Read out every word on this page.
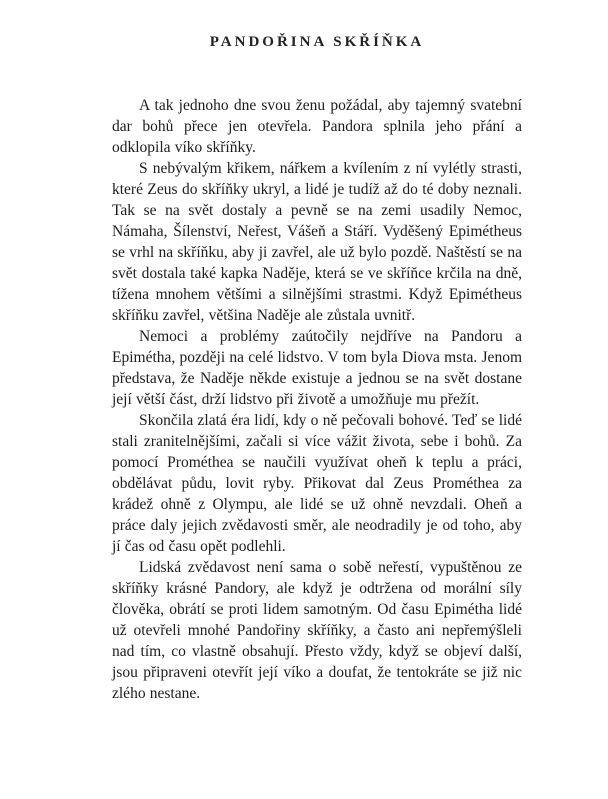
PANDOŘINA SKŘÍŇKA

A tak jednoho dne svou ženu požádal, aby tajemný svatební dar bohů přece jen otevřela. Pandora splnila jeho přání a odklopila víko skříňky.

S nebývalým křikem, nářkem a kvílením z ní vylétly strasti, které Zeus do skříňky ukryl, a lidé je tudíž až do té doby neznali. Tak se na svět dostaly a pevně se na zemi usadily Nemoc, Námaha, Šílenství, Neřest, Vášeň a Stáří. Vyděšený Epimétheus se vrhl na skříňku, aby ji zavřel, ale už bylo pozdě. Naštěstí se na svět dostala také kapka Naděje, která se ve skříňce krčila na dně, tížena mnohem většími a silnějšími strastmi. Když Epimétheus skříňku zavřel, většina Naděje ale zůstala uvnitř.

Nemoci a problémy zaútočily nejdříve na Pandoru a Epimétha, později na celé lidstvo. V tom byla Diova msta. Jenom představa, že Naděje někde existuje a jednou se na svět dostane její větší část, drží lidstvo při životě a umožňuje mu přežít.

Skončila zlatá éra lidí, kdy o ně pečovali bohové. Teď se lidé stali zranitelnějšími, začali si více vážit života, sebe i bohů. Za pomocí Prométhea se naučili využívat oheň k teplu a práci, obdělávat půdu, lovit ryby. Přikovat dal Zeus Prométhea za krádež ohně z Olympu, ale lidé se už ohně nevzdali. Oheň a práce daly jejich zvědavosti směr, ale neodradily je od toho, aby jí čas od času opět podlehli.

Lidská zvědavost není sama o sobě neřestí, vypuštěnou ze skříňky krásné Pandory, ale když je odtržena od morální síly člověka, obrátí se proti lidem samotným. Od času Epimétha lidé už otevřeli mnohé Pandořiny skříňky, a často ani nepřemýšleli nad tím, co vlastně obsahují. Přesto vždy, když se objeví další, jsou připraveni otevřít její víko a doufat, že tentokráte se již nic zlého nestane.
